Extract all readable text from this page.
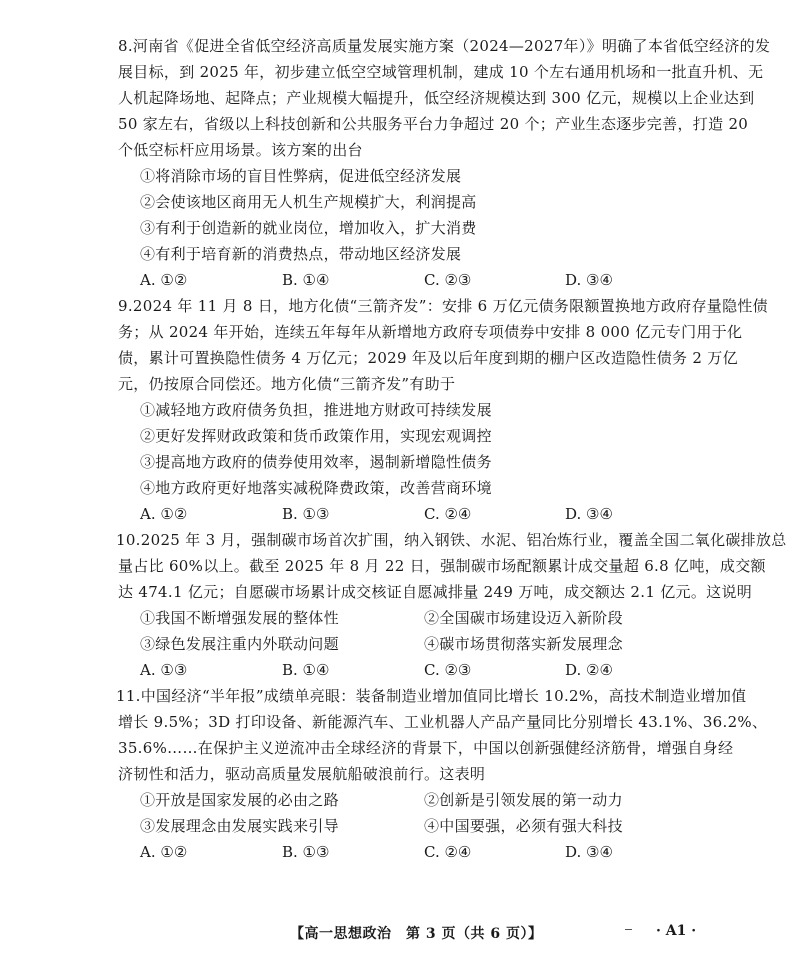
8.河南省《促进全省低空经济高质量发展实施方案（2024—2027年）》明确了本省低空经济的发
展目标，到 2025 年，初步建立低空空域管理机制，建成 10 个左右通用机场和一批直升机、无
人机起降场地、起降点；产业规模大幅提升，低空经济规模达到 300 亿元，规模以上企业达到
50 家左右，省级以上科技创新和公共服务平台力争超过 20 个；产业生态逐步完善，打造 20
个低空标杆应用场景。该方案的出台
①将消除市场的盲目性弊病，促进低空经济发展
②会使该地区商用无人机生产规模扩大，利润提高
③有利于创造新的就业岗位，增加收入，扩大消费
④有利于培育新的消费热点，带动地区经济发展
A. ①②	B. ①④	C. ②③	D. ③④
9.2024 年 11 月 8 日，地方化债“三箭齐发”：安排 6 万亿元债务限额置换地方政府存量隐性债
务；从 2024 年开始，连续五年每年从新增地方政府专项债券中安排 8 000 亿元专门用于化
债，累计可置换隐性债务 4 万亿元；2029 年及以后年度到期的棚户区改造隐性债务 2 万亿
元，仍按原合同偿还。地方化债“三箭齐发”有助于
①减轻地方政府债务负担，推进地方财政可持续发展
②更好发挥财政政策和货币政策作用，实现宏观调控
③提高地方政府的债券使用效率，遏制新增隐性债务
④地方政府更好地落实减税降费政策，改善营商环境
A. ①②	B. ①③	C. ②④	D. ③④
10.2025 年 3 月，强制碳市场首次扩围，纳入钢铁、水泥、铝冶炼行业，覆盖全国二氧化碳排放总
量占比 60%以上。截至 2025 年 8 月 22 日，强制碳市场配额累计成交量超 6.8 亿吨，成交额
达 474.1 亿元；自愿碳市场累计成交核证自愿减排量 249 万吨，成交额达 2.1 亿元。这说明
①我国不断增强发展的整体性	②全国碳市场建设迈入新阶段
③绿色发展注重内外联动问题	④碳市场贯彻落实新发展理念
A. ①③	B. ①④	C. ②③	D. ②④
11.中国经济“半年报”成绩单亮眼：装备制造业增加值同比增长 10.2%，高技术制造业增加值
增长 9.5%；3D 打印设备、新能源汽车、工业机器人产品产量同比分别增长 43.1%、36.2%、
35.6%……在保护主义逆流冲击全球经济的背景下，中国以创新强健经济筋骨，增强自身经
济韧性和活力，驱动高质量发展航船破浪前行。这表明
①开放是国家发展的必由之路	②创新是引领发展的第一动力
③发展理念由发展实践来引导	④中国要强，必须有强大科技
A. ①②	B. ①③	C. ②④	D. ③④
【高一思想政治　第 3 页（共 6 页）】	· A1 ·
